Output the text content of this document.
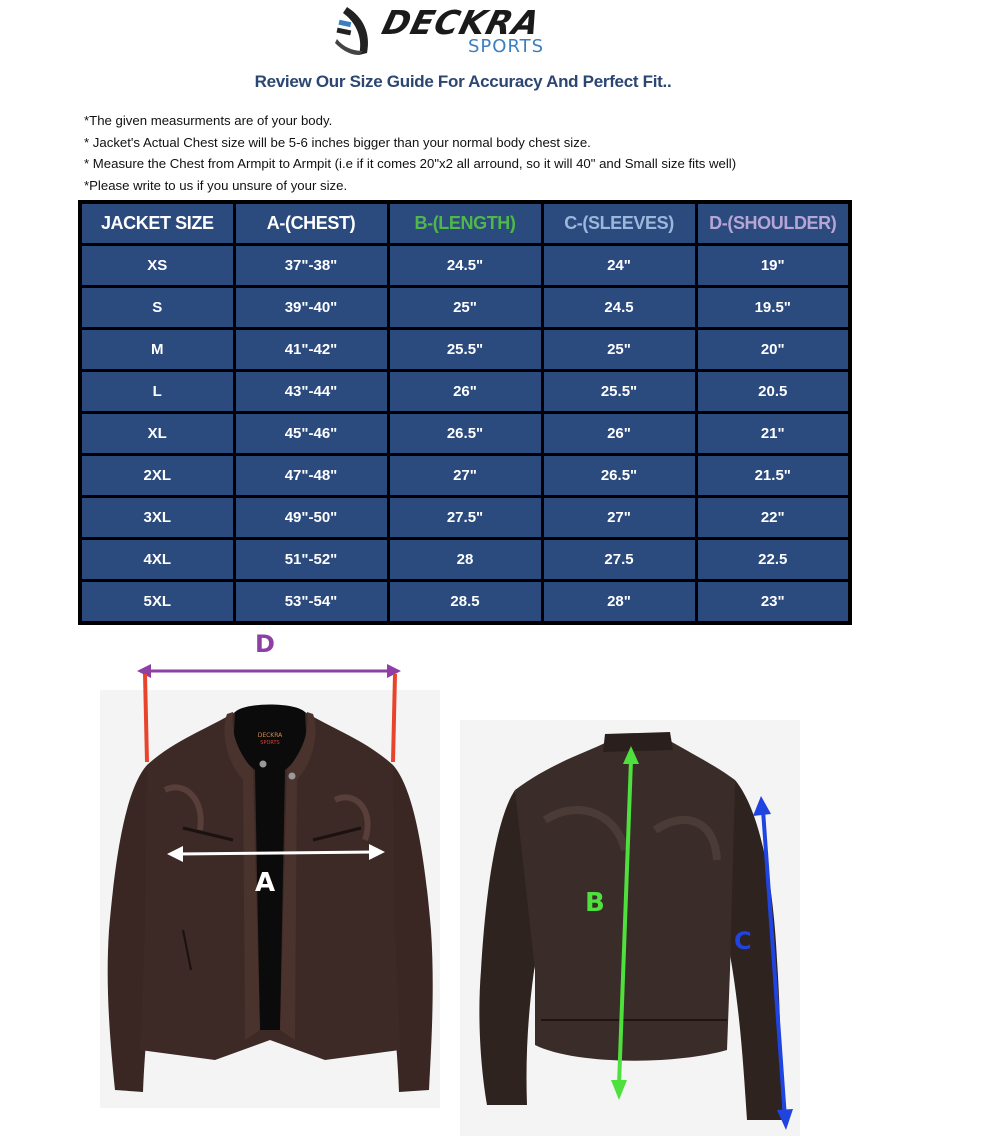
DECKRA
SPORTS
Review Our Size Guide For Accuracy And Perfect Fit..
*The given measurments are of your body.
* Jacket's Actual Chest size will be 5-6 inches bigger than your normal body chest size.
* Measure the Chest from Armpit to Armpit (i.e if it comes 20"x2 all arround, so it will 40" and Small size fits well)
*Please write to us if you unsure of your size.
JACKET SIZE	A-(CHEST)	B-(LENGTH)	C-(SLEEVES)	D-(SHOULDER)
XS	37"-38"	24.5"	24"	19"
S	39"-40"	25"	24.5	19.5"
M	41"-42"	25.5"	25"	20"
L	43"-44"	26"	25.5"	20.5
XL	45"-46"	26.5"	26"	21"
2XL	47"-48"	27"	26.5"	21.5"
3XL	49"-50"	27.5"	27"	22"
4XL	51"-52"	28	27.5	22.5
5XL	53"-54"	28.5	28"	23"
DECKRA
SPORTS
D
A
B
C
